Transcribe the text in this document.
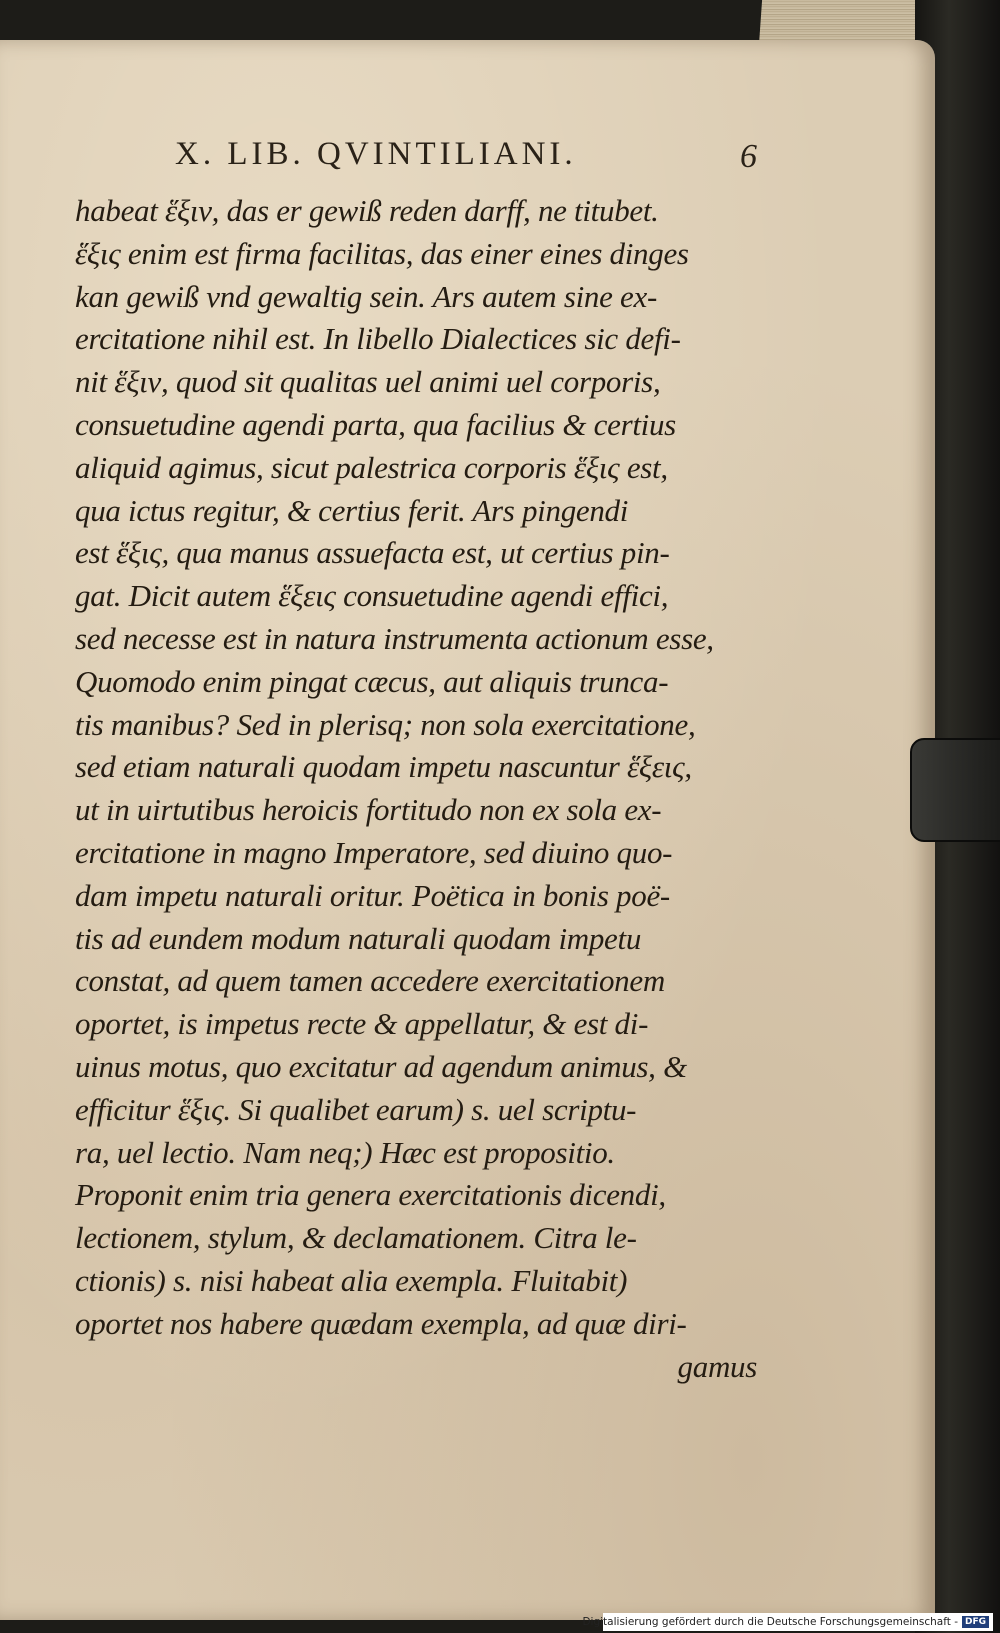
X. LIB. QVINTILIANI.	6
habeat ἕξιν, das er gewiß reden darff, ne titubet.
ἕξις enim est firma facilitas, das einer eines dinges
kan gewiß vnd gewaltig sein. Ars autem sine ex-
ercitatione nihil est. In libello Dialectices sic defi-
nit ἕξιν, quod sit qualitas uel animi uel corporis,
consuetudine agendi parta, qua facilius & certius
aliquid agimus, sicut palestrica corporis ἕξις est,
qua ictus regitur, & certius ferit. Ars pingendi
est ἕξις, qua manus assuefacta est, ut certius pin-
gat. Dicit autem ἕξεις consuetudine agendi effici,
sed necesse est in natura instrumenta actionum esse,
Quomodo enim pingat cæcus, aut aliquis trunca-
tis manibus? Sed in plerisq; non sola exercitatione,
sed etiam naturali quodam impetu nascuntur ἕξεις,
ut in uirtutibus heroicis fortitudo non ex sola ex-
ercitatione in magno Imperatore, sed diuino quo-
dam impetu naturali oritur. Poëtica in bonis poë-
tis ad eundem modum naturali quodam impetu
constat, ad quem tamen accedere exercitationem
oportet, is impetus recte & appellatur, & est di-
uinus motus, quo excitatur ad agendum animus, &
efficitur ἕξις. Si qualibet earum) s. uel scriptu-
ra, uel lectio. Nam neq;) Hæc est propositio.
Proponit enim tria genera exercitationis dicendi,
lectionem, stylum, & declamationem. Citra le-
ctionis) s. nisi habeat alia exempla. Fluitabit)
oportet nos habere quædam exempla, ad quæ diri-
gamus
Digitalisierung gefördert durch die Deutsche Forschungsgemeinschaft - DFG
